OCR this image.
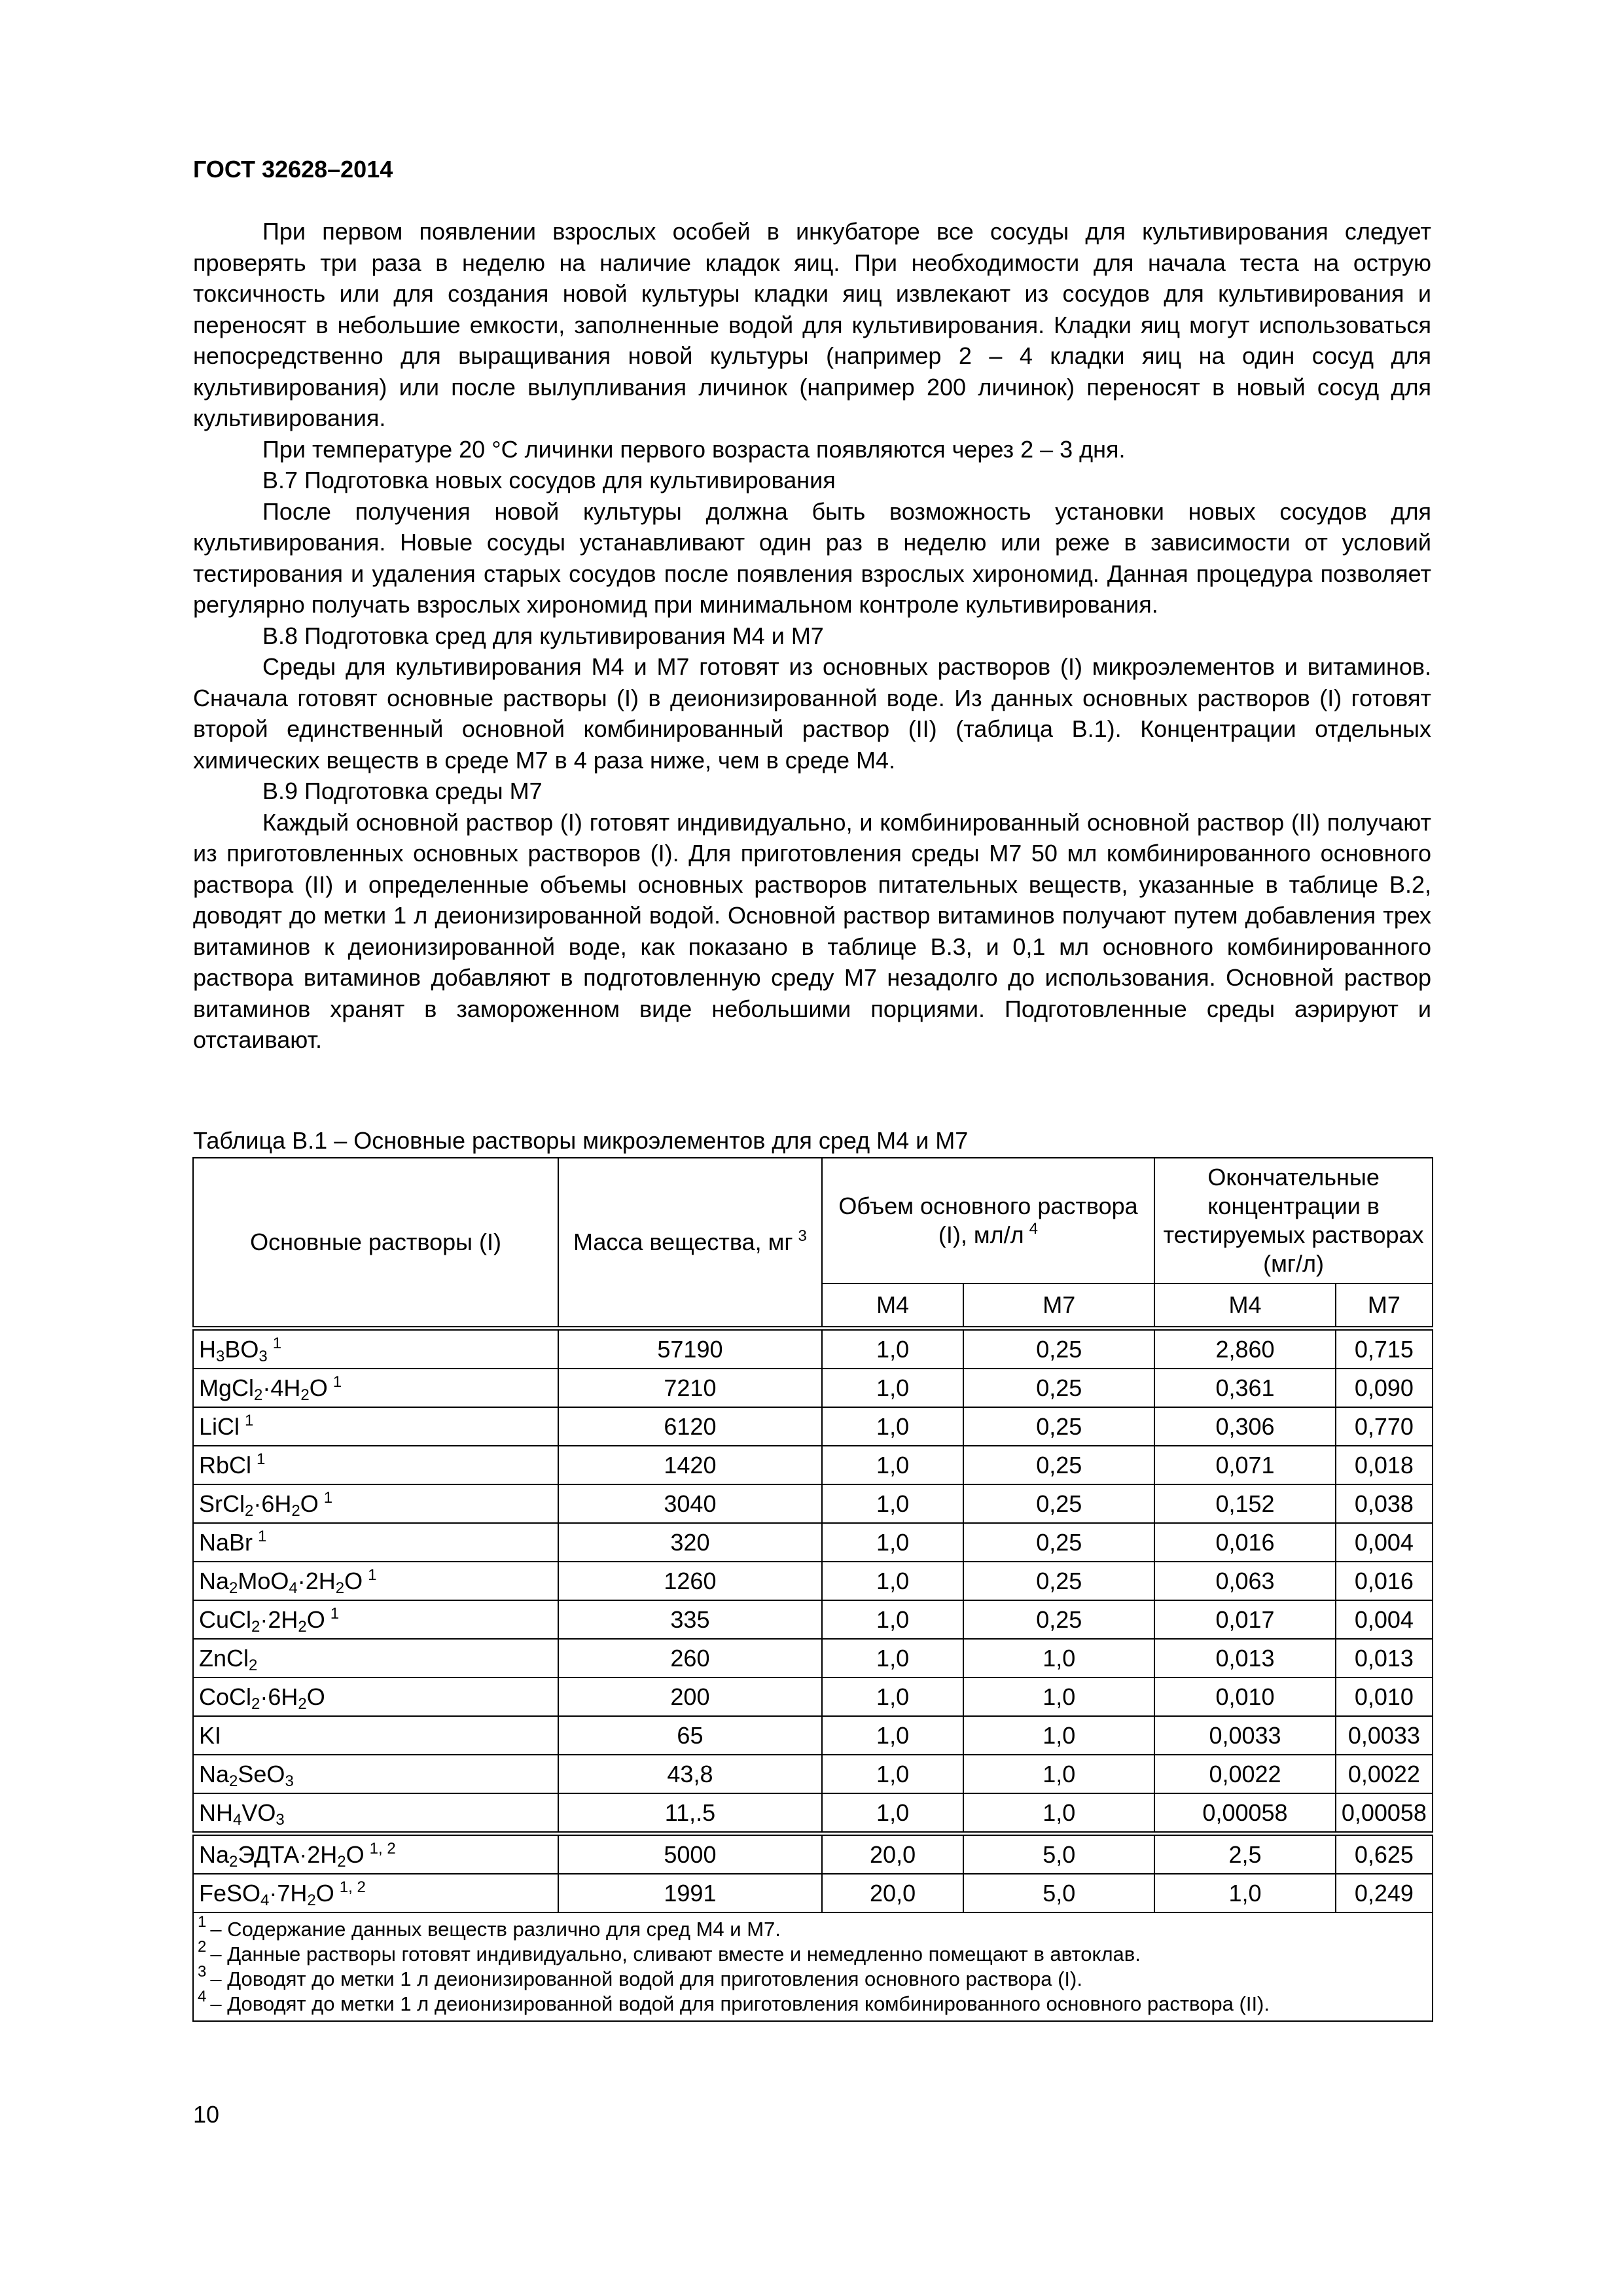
ГОСТ 32628–2014

При первом появлении взрослых особей в инкубаторе все сосуды для культивирования следует проверять три раза в неделю на наличие кладок яиц. При необходимости для начала теста на острую токсичность или для создания новой культуры кладки яиц извлекают из сосудов для культивирования и переносят в небольшие емкости, заполненные водой для культивирования. Кладки яиц могут использоваться непосредственно для выращивания новой культуры (например 2 – 4 кладки яиц на один сосуд для культивирования) или после вылупливания личинок (например 200 личинок) переносят в новый сосуд для культивирования.

При температуре 20 °С личинки первого возраста появляются через 2 – 3 дня.

В.7 Подготовка новых сосудов для культивирования

После получения новой культуры должна быть возможность установки новых сосудов для культивирования. Новые сосуды устанавливают один раз в неделю или реже в зависимости от условий тестирования и удаления старых сосудов после появления взрослых хирономид. Данная процедура позволяет регулярно получать взрослых хирономид при минимальном контроле культивирования.

В.8 Подготовка сред для культивирования М4 и М7

Среды для культивирования М4 и М7 готовят из основных растворов (I) микроэлементов и витаминов. Сначала готовят основные растворы (I) в деионизированной воде. Из данных основных растворов (I) готовят второй единственный основной комбинированный раствор (II) (таблица В.1). Концентрации отдельных химических веществ в среде М7 в 4 раза ниже, чем в среде М4.

В.9 Подготовка среды М7

Каждый основной раствор (I) готовят индивидуально, и комбинированный основной раствор (II) получают из приготовленных основных растворов (I). Для приготовления среды М7 50 мл комбинированного основного раствора (II) и определенные объемы основных растворов питательных веществ, указанные в таблице В.2, доводят до метки 1 л деионизированной водой. Основной раствор витаминов получают путем добавления трех витаминов к деионизированной воде, как показано в таблице В.3, и 0,1 мл основного комбинированного раствора витаминов добавляют в подготовленную среду М7 незадолго до использования. Основной раствор витаминов хранят в замороженном виде небольшими порциями. Подготовленные среды аэрируют и отстаивают.

Таблица В.1 – Основные растворы микроэлементов для сред М4 и М7
Основные растворы (I)	Масса вещества, мг $^3$	Объем основного раствора (I), мл/л $^4$		Окончательные концентрации в тестируемых растворах (мг/л)	
		М4	М7	М4	М7
$H_3BO_3^1$	57190	1,0	0,25	2,860	0,715
$MgCl_2\cdot 4H_2O$ $^1$	7210	1,0	0,25	0,361	0,090
LiCl $^1$	6120	1,0	0,25	0,306	0,770
RbCl $^1$	1420	1,0	0,25	0,071	0,018
$SrCl_2\cdot 6H_2O$ $^1$	3040	1,0	0,25	0,152	0,038
NaBr $^1$	320	1,0	0,25	0,016	0,004
$Na_2MoO_4\cdot 2H_2O$ $^1$	1260	1,0	0,25	0,063	0,016
$CuCl_2\cdot 2H_2O$ $^1$	335	1,0	0,25	0,017	0,004
ZnCl$_2$	260	1,0	1,0	0,013	0,013
$CoCl_2\cdot 6H_2O$	200	1,0	1,0	0,010	0,010
KI	65	1,0	1,0	0,0033	0,0033
$Na_2SeO_3$	43,8	1,0	1,0	0,0022	0,0022
$NH_4VO_3$	11,.5	1,0	1,0	0,00058	0,00058
$Na_2ЭДТА\cdot 2H_2O$ $^{1, 2}$	5000	20,0	5,0	2,5	0,625
$FeSO_4\cdot 7H_2O$ $^{1, 2}$	1991	20,0	5,0	1,0	0,249

$^1$ – Содержание данных веществ различно для сред М4 и М7.
$^2$ – Данные растворы готовят индивидуально, сливают вместе и немедленно помещают в автоклав.
$^3$ – Доводят до метки 1 л деионизированной водой для приготовления основного раствора (I).
$^4$ – Доводят до метки 1 л деионизированной водой для приготовления комбинированного основного раствора (II).					
10
